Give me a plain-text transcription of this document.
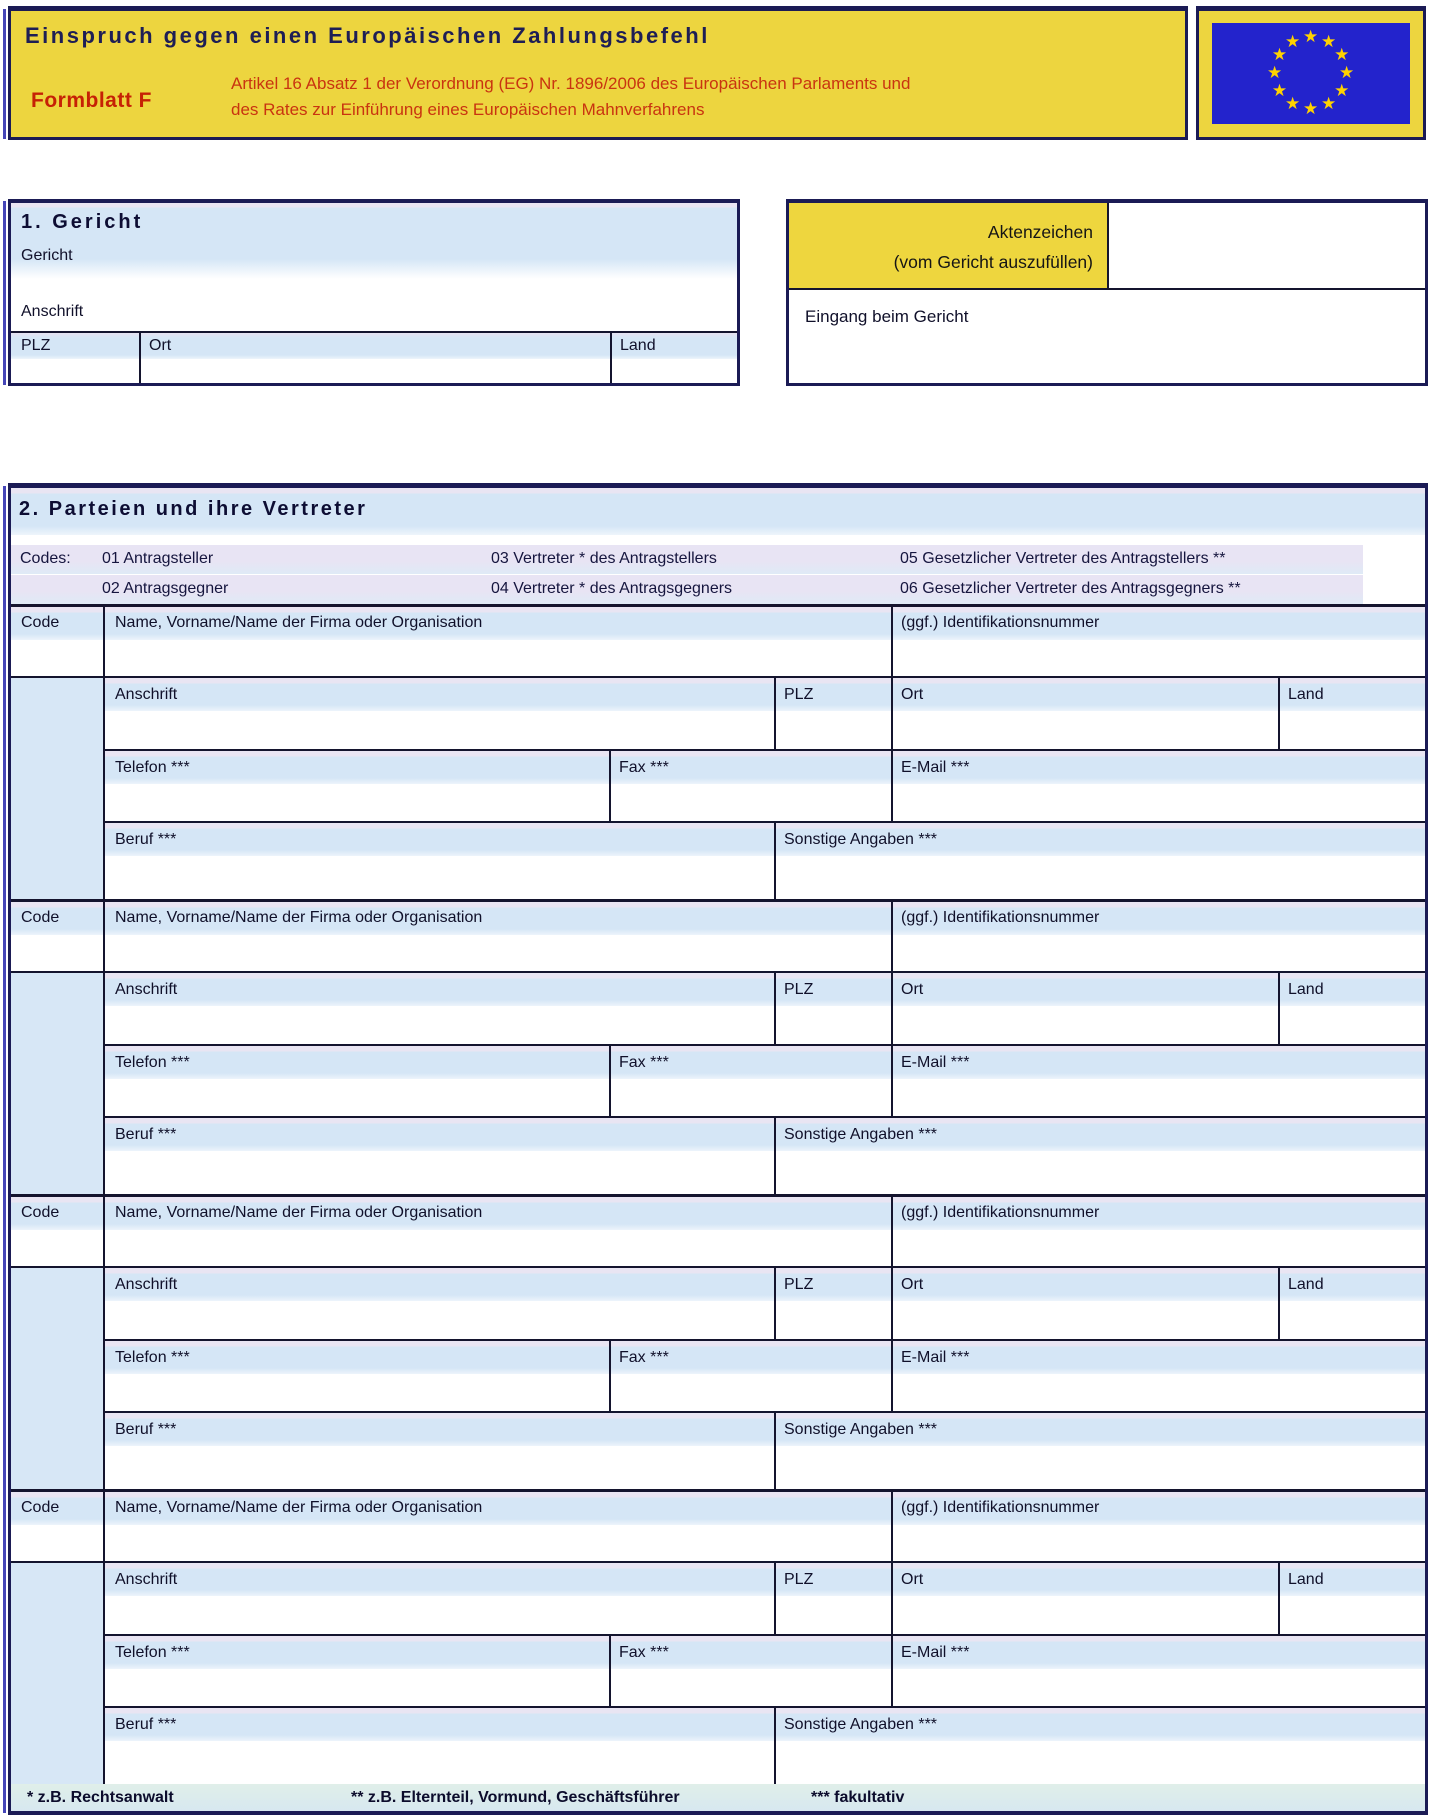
Einspruch gegen einen Europäischen Zahlungsbefehl
Formblatt F
Artikel 16 Absatz 1 der Verordnung (EG) Nr. 1896/2006 des Europäischen Parlaments und
des Rates zur Einführung eines Europäischen Mahnverfahrens
★ ★
★
★
★
★
★
★
★
★
★
★
1. Gericht
Gericht
Anschrift
PLZ	Ort	Land
Aktenzeichen
(vom Gericht auszufüllen)
Eingang beim Gericht
2. Parteien und ihre Vertreter
Codes: 01 Antragsteller	03 Vertreter * des Antragstellers	05 Gesetzlicher Vertreter des Antragstellers **
02 Antragsgegner	04 Vertreter * des Antragsgegners	06 Gesetzlicher Vertreter des Antragsgegners **
Code	Name, Vorname/Name der Firma oder Organisation	(ggf.) Identifikationsnummer
Anschrift	PLZ	Ort	Land
Telefon ***	Fax ***	E-Mail ***
Beruf ***	Sonstige Angaben ***
Code	Name, Vorname/Name der Firma oder Organisation	(ggf.) Identifikationsnummer
Anschrift	PLZ	Ort	Land
Telefon ***	Fax ***	E-Mail ***
Beruf ***	Sonstige Angaben ***
Code	Name, Vorname/Name der Firma oder Organisation	(ggf.) Identifikationsnummer
Anschrift	PLZ	Ort	Land
Telefon ***	Fax ***	E-Mail ***
Beruf ***	Sonstige Angaben ***
Code	Name, Vorname/Name der Firma oder Organisation	(ggf.) Identifikationsnummer
Anschrift	PLZ	Ort	Land
Telefon ***	Fax ***	E-Mail ***
Beruf ***	Sonstige Angaben ***
* z.B. Rechtsanwalt	** z.B. Elternteil, Vormund, Geschäftsführer	*** fakultativ
